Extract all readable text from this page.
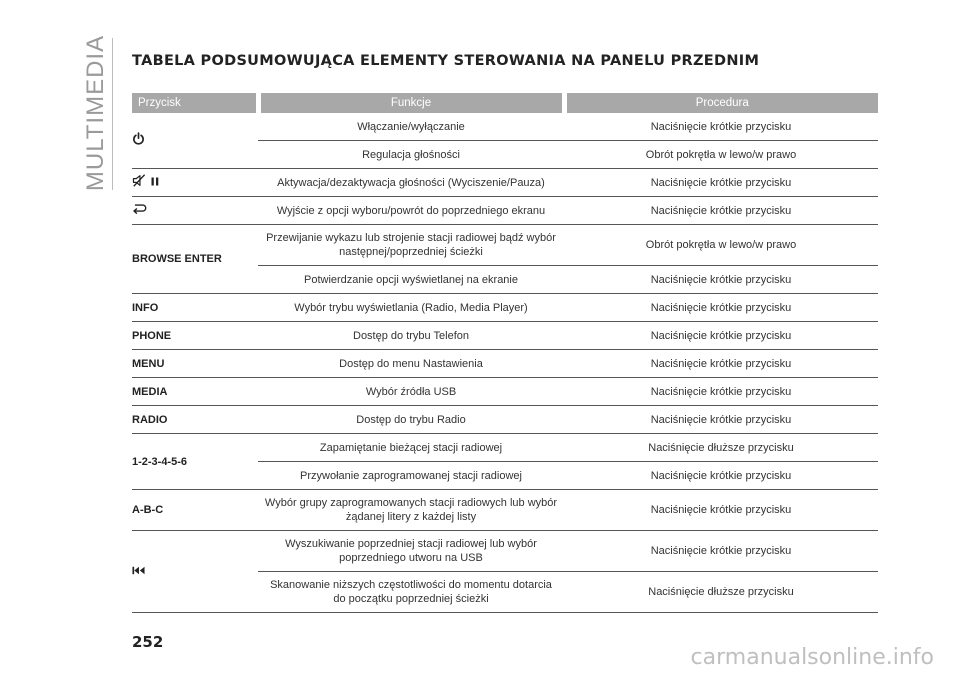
MULTIMEDIA TABELA PODSUMOWUJĄCA ELEMENTY STEROWANIA NA PANELU PRZEDNIM
Przycisk	Funkcje	Procedura
	Włączanie/wyłączanie	Naciśnięcie krótkie przycisku
	Regulacja głośności	Obrót pokrętła w lewo/w prawo

	Aktywacja/dezaktywacja głośności (Wyciszenie/Pauza)	Naciśnięcie krótkie przycisku
	Wyjście z opcji wyboru/powrót do poprzedniego ekranu	Naciśnięcie krótkie przycisku
BROWSE ENTER	Przewijanie wykazu lub strojenie stacji radiowej bądź wybór następnej/poprzedniej ścieżki	Obrót pokrętła w lewo/w prawo
	Potwierdzanie opcji wyświetlanej na ekranie	Naciśnięcie krótkie przycisku
INFO	Wybór trybu wyświetlania (Radio, Media Player)	Naciśnięcie krótkie przycisku
PHONE	Dostęp do trybu Telefon	Naciśnięcie krótkie przycisku
MENU	Dostęp do menu Nastawienia	Naciśnięcie krótkie przycisku
MEDIA	Wybór źródła USB	Naciśnięcie krótkie przycisku
RADIO	Dostęp do trybu Radio	Naciśnięcie krótkie przycisku
1-2-3-4-5-6	Zapamiętanie bieżącej stacji radiowej	Naciśnięcie dłuższe przycisku
	Przywołanie zaprogramowanej stacji radiowej	Naciśnięcie krótkie przycisku
A-B-C	Wybór grupy zaprogramowanych stacji radiowych lub wybór żądanej litery z każdej listy	Naciśnięcie krótkie przycisku
	Wyszukiwanie poprzedniej stacji radiowej lub wybór poprzedniego utworu na USB	Naciśnięcie krótkie przycisku
	Skanowanie niższych częstotliwości do momentu dotarcia do początku poprzedniej ścieżki	Naciśnięcie dłuższe przycisku
252
carmanualsonline.info
